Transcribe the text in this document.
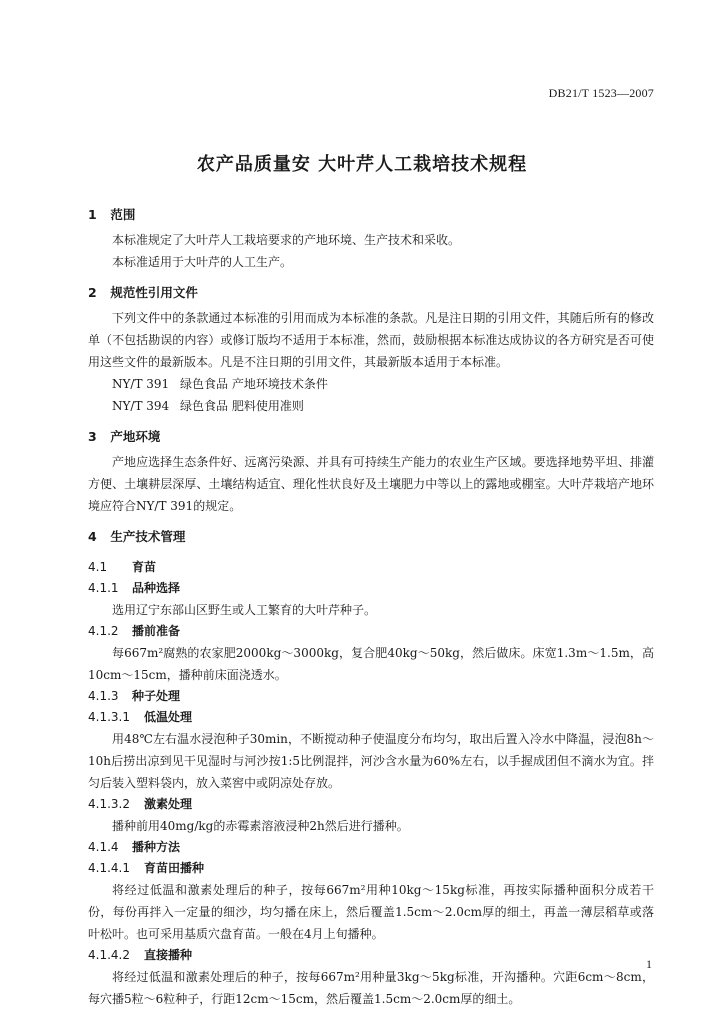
DB21/T 1523—2007
农产品质量安 大叶芹人工栽培技术规程
1 范围

本标准规定了大叶芹人工栽培要求的产地环境、生产技术和采收。

本标准适用于大叶芹的人工生产。

2 规范性引用文件

下列文件中的条款通过本标准的引用而成为本标准的条款。凡是注日期的引用文件，其随后所有的修改单（不包括勘误的内容）或修订版均不适用于本标准，然而，鼓励根据本标准达成协议的各方研究是否可使用这些文件的最新版本。凡是不注日期的引用文件，其最新版本适用于本标准。

NY/T 391 绿色食品 产地环境技术条件

NY/T 394 绿色食品 肥料使用准则

3 产地环境

产地应选择生态条件好、远离污染源、并具有可持续生产能力的农业生产区域。要选择地势平坦、排灌方便、土壤耕层深厚、土壤结构适宜、理化性状良好及土壤肥力中等以上的露地或棚室。大叶芹栽培产地环境应符合NY/T 391的规定。

4 生产技术管理
4.1 育苗
4.1.1 品种选择

选用辽宁东部山区野生或人工繁育的大叶芹种子。

4.1.2 播前准备

每667m²腐熟的农家肥2000kg～3000kg，复合肥40kg～50kg，然后做床。床宽1.3m～1.5m，高10cm～15cm，播种前床面浇透水。

4.1.3 种子处理
4.1.3.1 低温处理

用48℃左右温水浸泡种子30min，不断搅动种子使温度分布均匀，取出后置入冷水中降温，浸泡8h～10h后捞出凉到见干见湿时与河沙按1:5比例混拌，河沙含水量为60%左右，以手握成团但不滴水为宜。拌匀后装入塑料袋内，放入菜窖中或阴凉处存放。

4.1.3.2 激素处理

播种前用40mg/kg的赤霉素溶液浸种2h然后进行播种。

4.1.4 播种方法
4.1.4.1 育苗田播种

将经过低温和激素处理后的种子，按每667m²用种10kg～15kg标准，再按实际播种面积分成若干份，每份再拌入一定量的细沙，均匀播在床上，然后覆盖1.5cm～2.0cm厚的细土，再盖一薄层稻草或落叶松叶。也可采用基质穴盘育苗。一般在4月上旬播种。

4.1.4.2 直接播种

将经过低温和激素处理后的种子，按每667m²用种量3kg～5kg标准，开沟播种。穴距6cm～8cm，每穴播5粒～6粒种子，行距12cm～15cm，然后覆盖1.5cm～2.0cm厚的细土。

1
